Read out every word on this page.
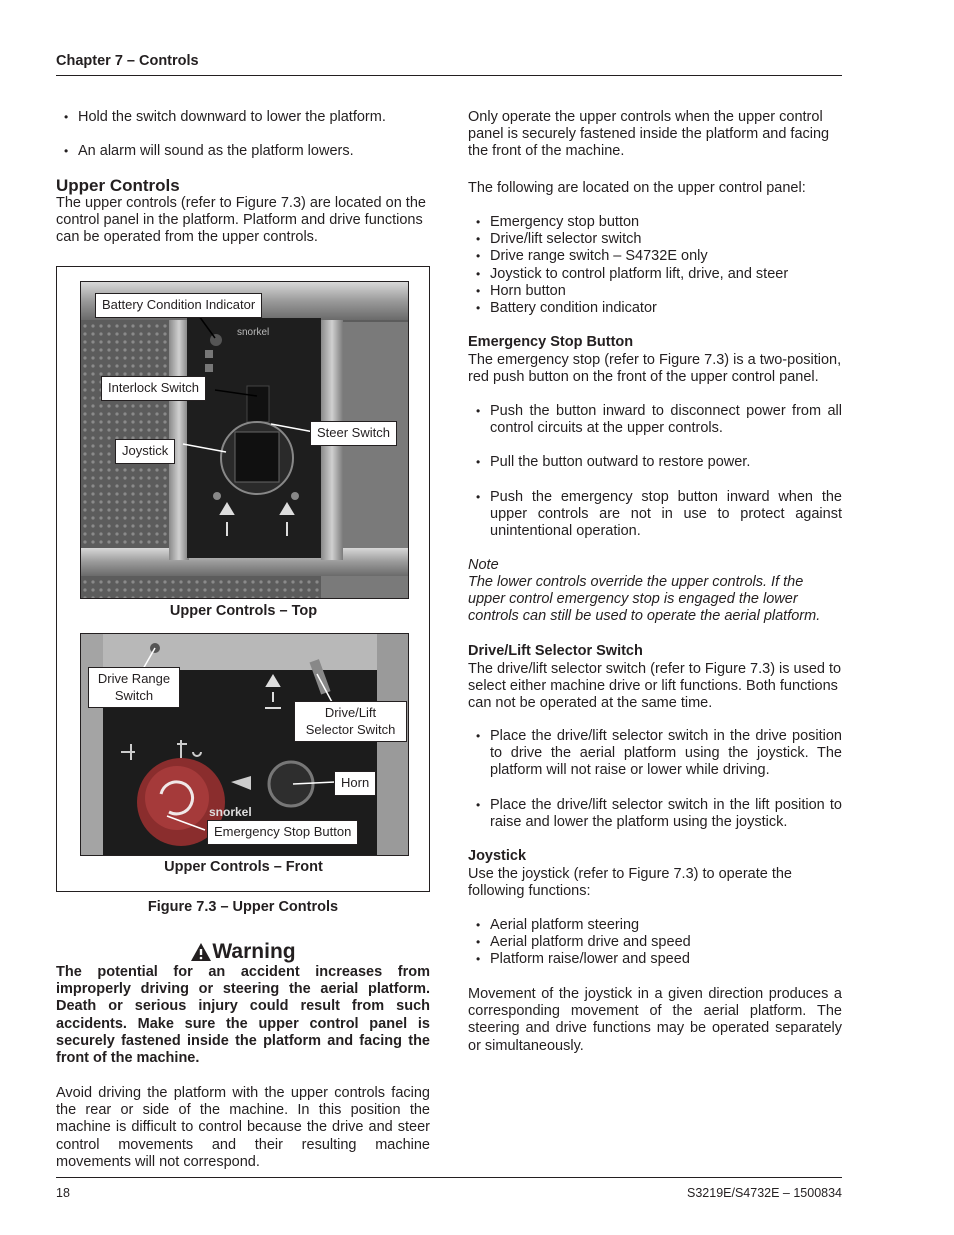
Chapter 7 – Controls
• Hold the switch downward to lower the platform.
• An alarm will sound as the platform lowers.
Upper Controls

The upper controls (refer to Figure 7.3) are located on the control panel in the platform. Platform and drive functions can be operated from the upper controls.

snorkel
Battery Condition Indicator
Interlock Switch
Joystick
Steer Switch
Upper Controls – Top
snorkel
Drive Range Switch
Drive/Lift Selector Switch
Horn
Emergency Stop Button
Upper Controls – Front
Figure 7.3 – Upper Controls
Warning

The potential for an accident increases from improperly driving or steering the aerial platform. Death or serious injury could result from such accidents. Make sure the upper control panel is securely fastened inside the platform and facing the front of the machine.

Avoid driving the platform with the upper controls facing the rear or side of the machine. In this position the machine is difficult to control because the drive and steer control movements and their resulting machine movements will not correspond.

Only operate the upper controls when the upper control panel is securely fastened inside the platform and facing the front of the machine.

The following are located on the upper control panel:

• Emergency stop button
• Drive/lift selector switch
• Drive range switch – S4732E only
• Joystick to control platform lift, drive, and steer
• Horn button
• Battery condition indicator
Emergency Stop Button

The emergency stop (refer to Figure 7.3) is a two-position, red push button on the front of the upper control panel.

• Push the button inward to disconnect power from all control circuits at the upper controls.
• Pull the button outward to restore power.
• Push the emergency stop button inward when the upper controls are not in use to protect against unintentional operation.
Note

The lower controls override the upper controls. If the upper control emergency stop is engaged the lower controls can still be used to operate the aerial platform.

Drive/Lift Selector Switch

The drive/lift selector switch (refer to Figure 7.3) is used to select either machine drive or lift functions. Both functions can not be operated at the same time.

• Place the drive/lift selector switch in the drive position to drive the aerial platform using the joystick. The platform will not raise or lower while driving.
• Place the drive/lift selector switch in the lift position to raise and lower the platform using the joystick.
Joystick

Use the joystick (refer to Figure 7.3) to operate the following functions:

• Aerial platform steering
• Aerial platform drive and speed
• Platform raise/lower and speed

Movement of the joystick in a given direction produces a corresponding movement of the aerial platform. The steering and drive functions may be operated separately or simultaneously.

18	S3219E/S4732E – 1500834
